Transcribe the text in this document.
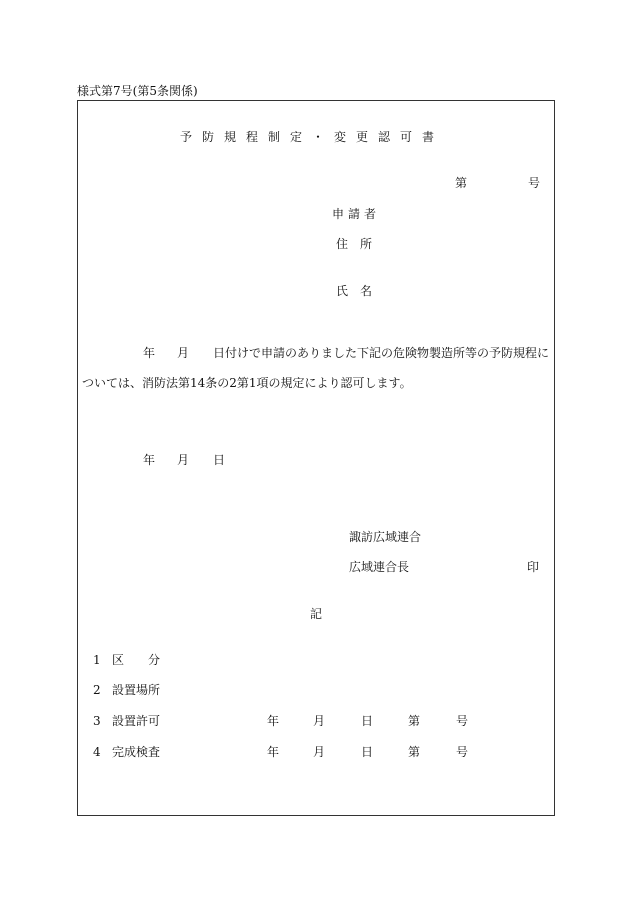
様式第7号(第5条関係)
予防規程制定・変更認可書
第	号
申請者
住所
氏名
年 月 日付けで申請のありました下記の危険物製造所等の予防規程に
ついては、消防法第14条の2第1項の規定により認可します。
年 月 日
諏訪広域連合
広域連合長	印
記
1 区　　分
2 設置場所
3 設置許可	年	月	日	第	号
4 完成検査	年	月	日	第	号
